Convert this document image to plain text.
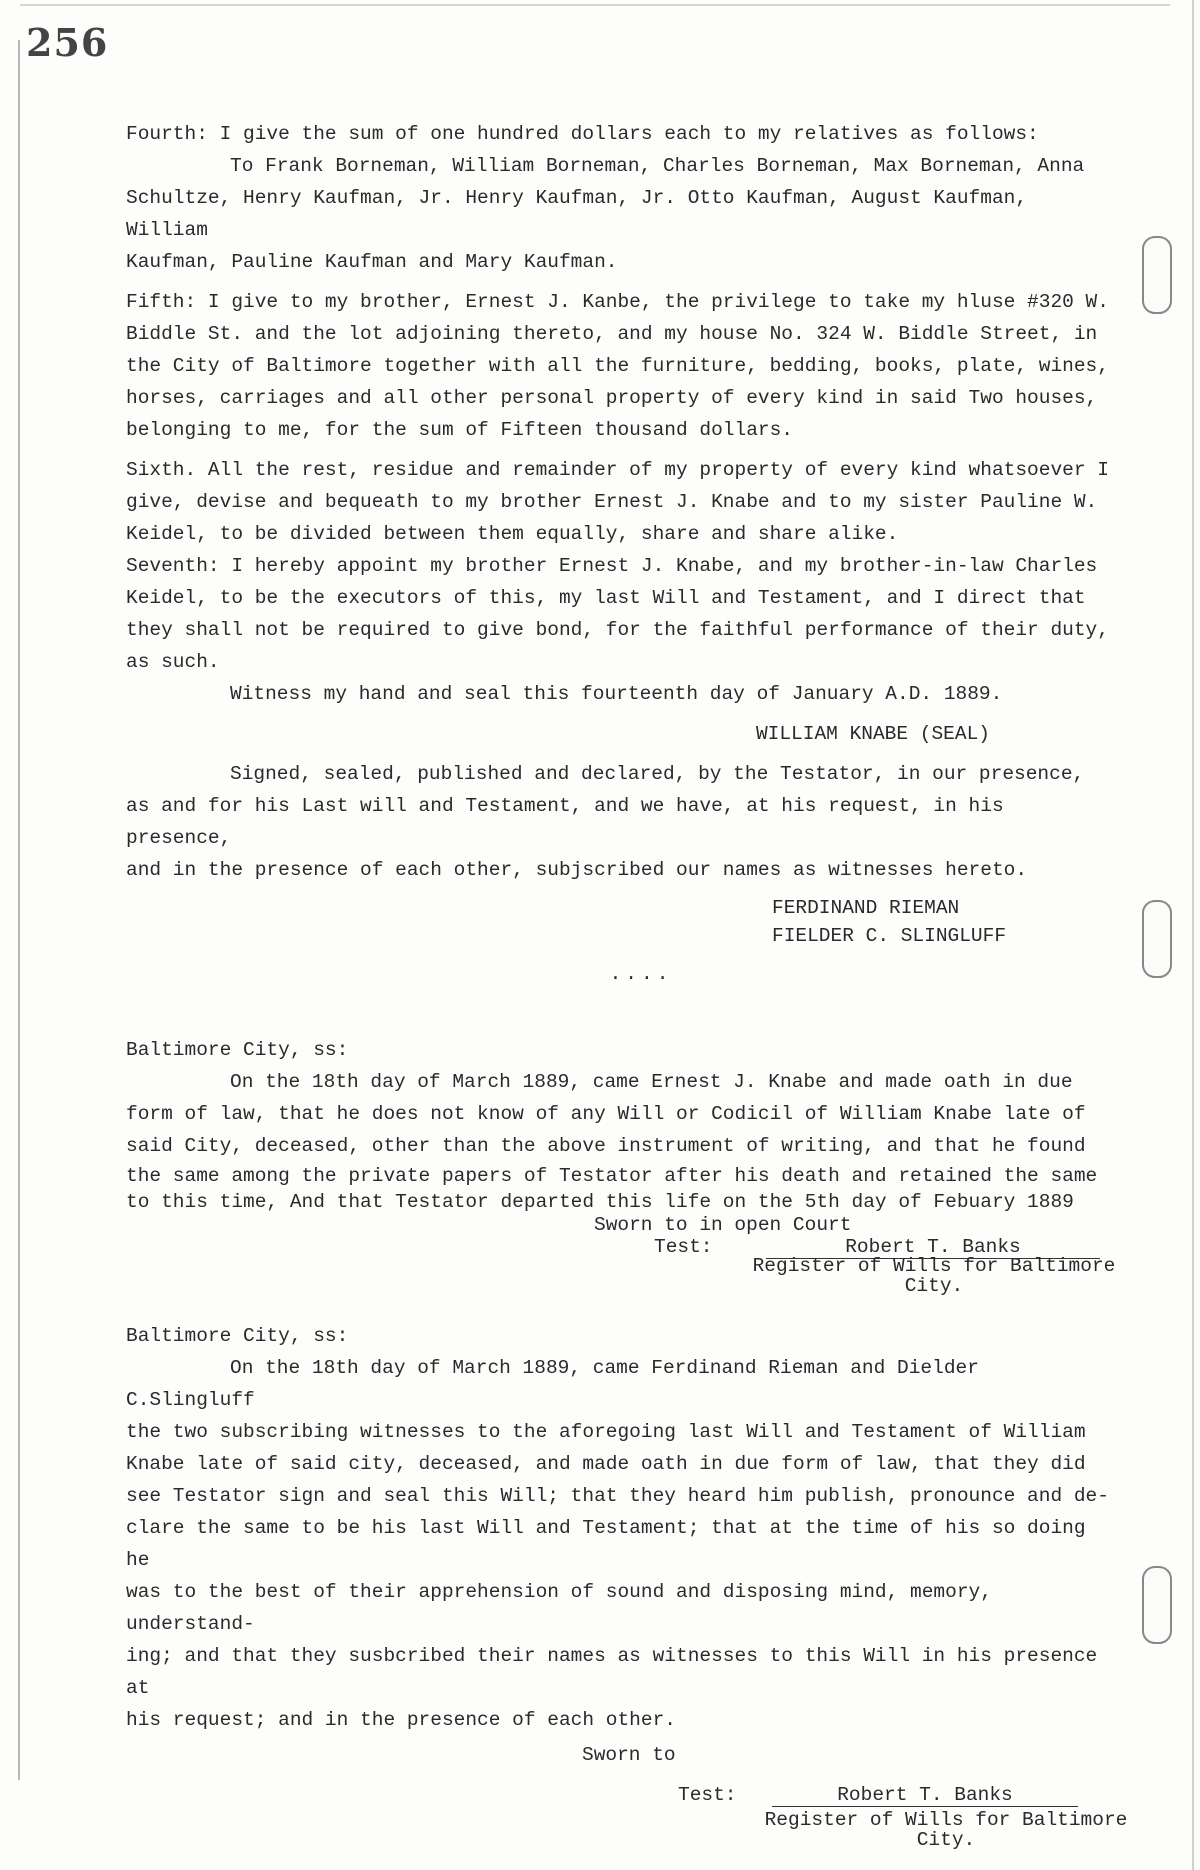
256
Fourth: I give the sum of one hundred dollars each to my relatives as follows:
To Frank Borneman, William Borneman, Charles Borneman, Max Borneman, Anna
Schultze, Henry Kaufman, Jr. Henry Kaufman, Jr. Otto Kaufman, August Kaufman, William
Kaufman, Pauline Kaufman and Mary Kaufman.
Fifth: I give to my brother, Ernest J. Kanbe, the privilege to take my hluse #320 W.
Biddle St. and the lot adjoining thereto, and my house No. 324 W. Biddle Street, in
the City of Baltimore together with all the furniture, bedding, books, plate, wines,
horses, carriages and all other personal property of every kind in said Two houses,
belonging to me, for the sum of Fifteen thousand dollars.
Sixth. All the rest, residue and remainder of my property of every kind whatsoever I
give, devise and bequeath to my brother Ernest J. Knabe and to my sister Pauline W.
Keidel, to be divided between them equally, share and share alike.
Seventh: I hereby appoint my brother Ernest J. Knabe, and my brother-in-law Charles
Keidel, to be the executors of this, my last Will and Testament, and I direct that
they shall not be required to give bond, for the faithful performance of their duty,
as such.
Witness my hand and seal this fourteenth day of January A.D. 1889.
WILLIAM KNABE (SEAL)
Signed, sealed, published and declared, by the Testator, in our presence,
as and for his Last will and Testament, and we have, at his request, in his presence,
and in the presence of each other, subjscribed our names as witnesses hereto.
FERDINAND RIEMAN
FIELDER C. SLINGLUFF
....
Baltimore City, ss:
On the 18th day of March 1889, came Ernest J. Knabe and made oath in due
form of law, that he does not know of any Will or Codicil of William Knabe late of
said City, deceased, other than the above instrument of writing, and that he found
the same among the private papers of Testator after his death and retained the same
to this time, And that Testator departed this life on the 5th day of Febuary 1889
Sworn to in open Court
Test:	Robert T. Banks
Register of Wills for Baltimore
City.
Baltimore City, ss:
On the 18th day of March 1889, came Ferdinand Rieman and Dielder C.Slingluff
the two subscribing witnesses to the aforegoing last Will and Testament of William
Knabe late of said city, deceased, and made oath in due form of law, that they did
see Testator sign and seal this Will; that they heard him publish, pronounce and de-
clare the same to be his last Will and Testament; that at the time of his so doing he
was to the best of their apprehension of sound and disposing mind, memory, understand-
ing; and that they susbcribed their names as witnesses to this Will in his presence at
his request; and in the presence of each other.
Sworn to
Test:	Robert T. Banks
Register of Wills for Baltimore
City.
